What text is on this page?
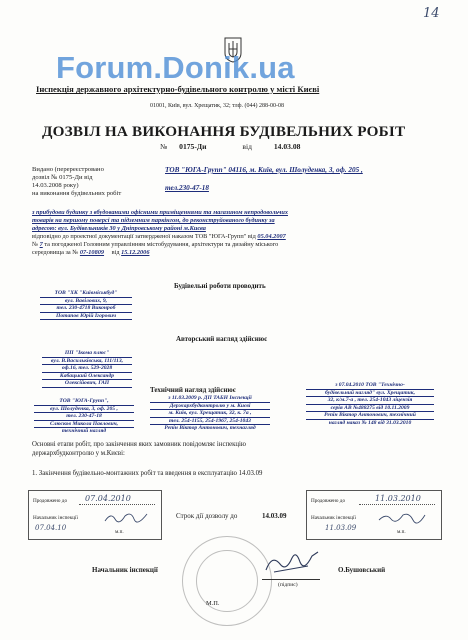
14
Forum.Donik.ua
Інспекція державного архітектурно-будівельного контролю у місті Києві
01001, Київ, вул. Хрещатик, 32; тлф. (044) 288-00-08
ДОЗВІЛ НА ВИКОНАННЯ БУДІВЕЛЬНИХ РОБІТ
№ 0175-Ди	від	14.03.08
Видано (перереєстровано
дозвіл № 0175-Ди від
14.03.2008 року)
на виконання будівельних робіт
ТОВ "ЮГА-Групп" 04116, м. Київ, вул. Шолуденка, 3, оф. 205 ,
тел.230-47-18
з прибудови будинку з вбудованими офісними приміщеннями та магазином непродовольчих
товарів на першому поверсі та підземним паркінгом, до реконструйованого будинку за
адресою: вул. Будівельників 30 у Дніпровському районі м.Києва
відповідно до проектної документації затвердженої наказом ТОВ "ЮГА-Групп" від 05.04.2007
№ 7 та погодженої Головним управлінням містобудування, архітектури та дизайну міського
середовища за № 07-10809 від 15.12.2006
Будівельні роботи проводить
Авторський нагляд здійснює
Технічний нагляд здійснює
ТОВ "ХК "Київміськбуд"
вул. Вавілових, 9,
тел. 230-4718 Виконроб
Потапов Юрій Ігорович
ПП "Ікома плюс"
вул. В.Васильківська, 111/113,
оф.16, тел. 529-2028
Кабацький Олександр
Олексійович, ГАП
ТОВ "ЮГА-Групп",
вул. Шолуденка, 3, оф. 205 ,
тел. 230-47-18
Слюсков Микола Павлович,
технічний нагляд
з 11.03.2009 р. ДП ТАБН Інспекції
Держархбудконтролю у м. Києві
м. Київ, вул. Хрещатик, 32, к. 7а ,
тел. 254-1155, 254-1967, 254-1043
Репін Віктор Антонович, технагляд
з 07.04.2010 ТОВ "Технічно-
будівельний нагляд" вул. Хрещатик,
32, к/м.7-а , тел. 254-1043 ліцензія
серія АВ №488275 від 10.11.2009
Репін Віктор Антонович, технічний
нагляд наказ № 148 від 31.03.2010
Основні етапи робіт, про закінчення яких замовник повідомляє інспекцію
держархбудконтролю у м.Києві:
1. Закінчення будівельно-монтажних робіт та введення в експлуатацію 14.03.09
Продовжено до 07.04.2010
Начальник інспекції
07.04.10	м.п.
Продовжено до	11.03.2010
Начальник інспекції
11.03.09	м.п.
Строк дії дозволу до	14.03.09
Начальник інспекції
(підпис)
О.Бушовський
М.П.
